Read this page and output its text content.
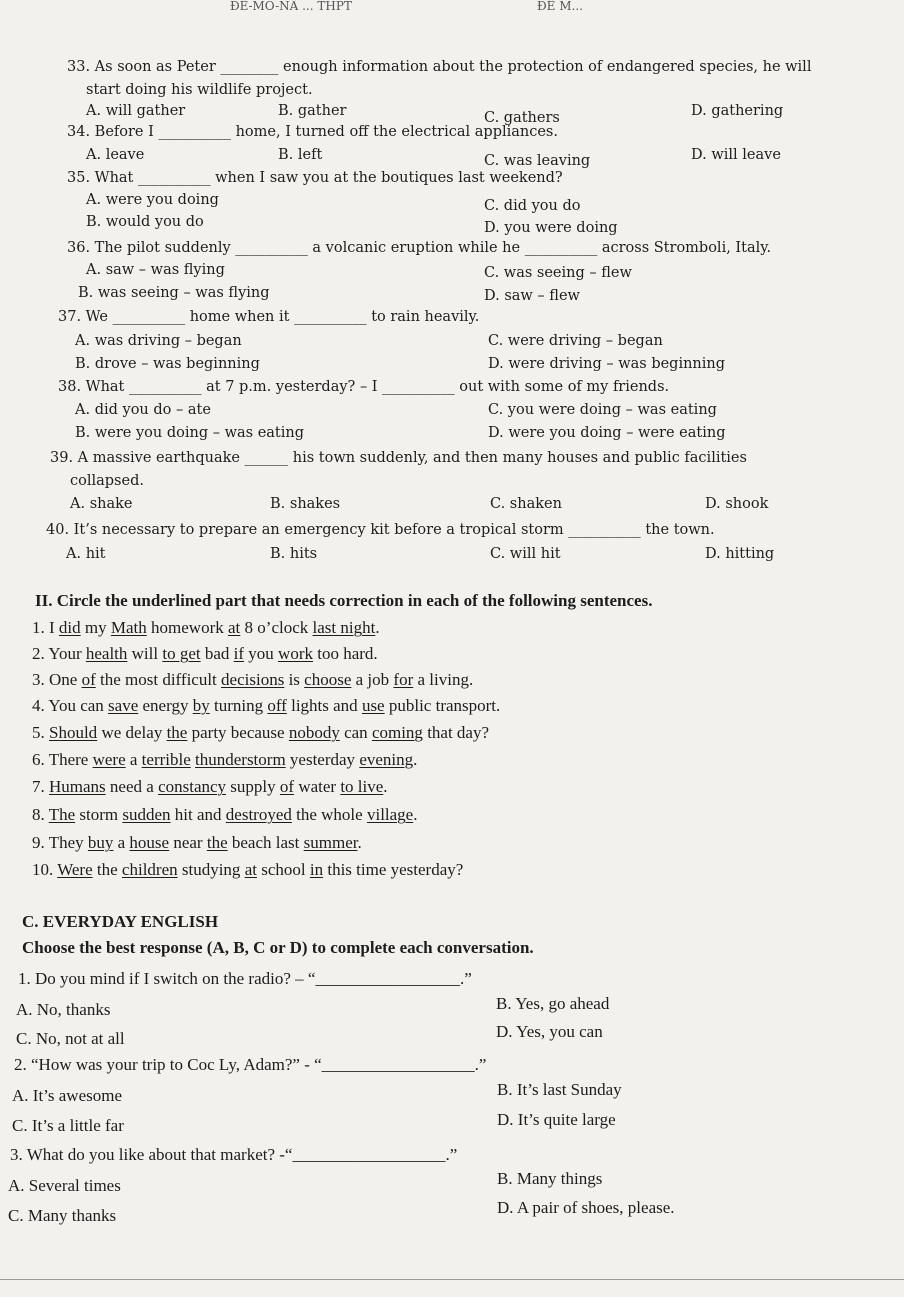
ĐỀ-MÔ-NÂ ... THPT	ĐỀ M...
33. As soon as Peter ________ enough information about the protection of endangered species, he will
start doing his wildlife project.
A. will gather	B. gather	C. gathers	D. gathering
34. Before I __________ home, I turned off the electrical appliances.
A. leave	B. left	C. was leaving	D. will leave
35. What __________ when I saw you at the boutiques last weekend?
A. were you doing
B. would you do
C. did you do
D. you were doing
36. The pilot suddenly __________ a volcanic eruption while he __________ across Stromboli, Italy.
A. saw – was flying
B. was seeing – was flying
C. was seeing – flew
D. saw – flew
37. We __________ home when it __________ to rain heavily.
A. was driving – began
B. drove – was beginning
C. were driving – began
D. were driving – was beginning
38. What __________ at 7 p.m. yesterday? – I __________ out with some of my friends.
A. did you do – ate
B. were you doing – was eating
C. you were doing – was eating
D. were you doing – were eating
39. A massive earthquake ______ his town suddenly, and then many houses and public facilities
collapsed.
A. shake	B. shakes	C. shaken	D. shook
40. It’s necessary to prepare an emergency kit before a tropical storm __________ the town.
A. hit	B. hits	C. will hit	D. hitting
II. Circle the underlined part that needs correction in each of the following sentences.
1. I did my Math homework at 8 o’clock last night.
2. Your health will to get bad if you work too hard.
3. One of the most difficult decisions is choose a job for a living.
4. You can save energy by turning off lights and use public transport.
5. Should we delay the party because nobody can coming that day?
6. There were a terrible thunderstorm yesterday evening.
7. Humans need a constancy supply of water to live.
8. The storm sudden hit and destroyed the whole village.
9. They buy a house near the beach last summer.
10. Were the children studying at school in this time yesterday?
C. EVERYDAY ENGLISH
Choose the best response (A, B, C or D) to complete each conversation.
1. Do you mind if I switch on the radio? – “_________________.”
A. No, thanks	B. Yes, go ahead
C. No, not at all	D. Yes, you can
2. “How was your trip to Coc Ly, Adam?” - “__________________.”
A. It’s awesome	B. It’s last Sunday
C. It’s a little far	D. It’s quite large
3. What do you like about that market? -“__________________.”
A. Several times	B. Many things
C. Many thanks	D. A pair of shoes, please.
